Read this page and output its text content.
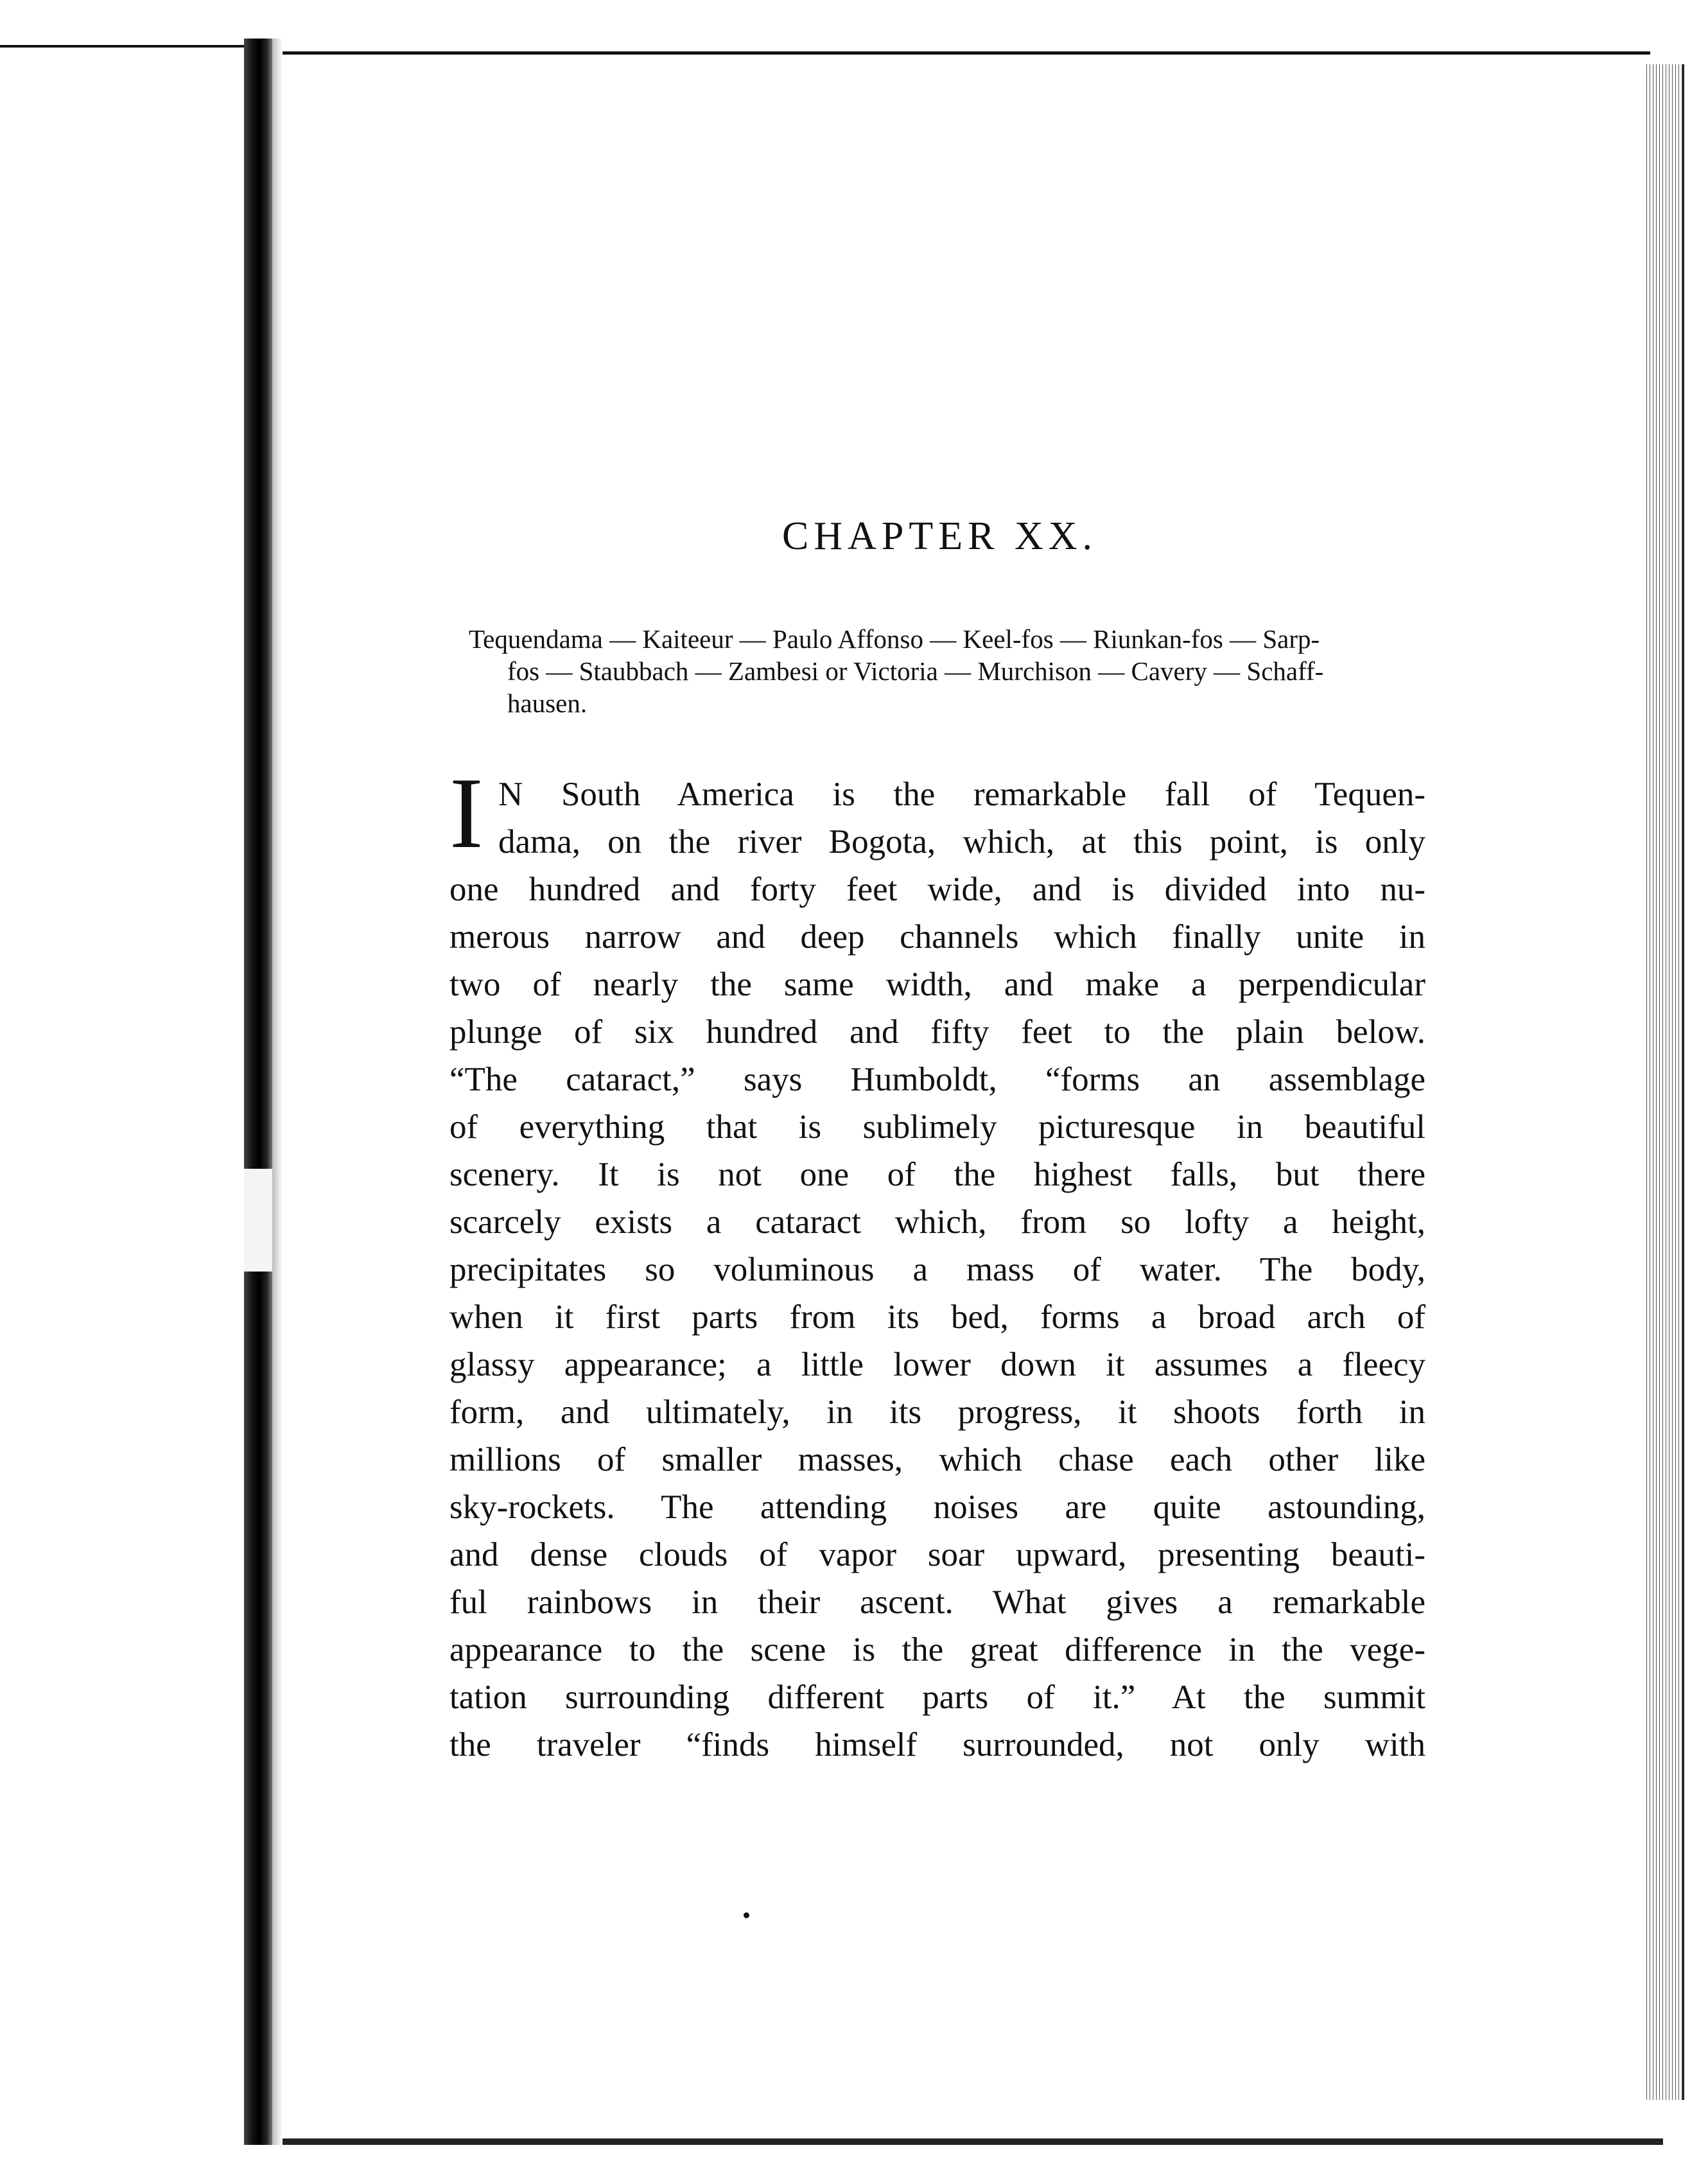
CHAPTER XX.
Tequendama — Kaiteeur — Paulo Affonso — Keel-fos — Riunkan-fos — Sarp-
fos — Staubbach — Zambesi or Victoria — Murchison — Cavery — Schaff-
hausen.
I N South America is the remarkable fall of Tequen-
dama, on the river Bogota, which, at this point, is only
one hundred and forty feet wide, and is divided into nu-
merous narrow and deep channels which finally unite in
two of nearly the same width, and make a perpendicular
plunge of six hundred and fifty feet to the plain below.
“The cataract,” says Humboldt, “forms an assemblage
of everything that is sublimely picturesque in beautiful
scenery. It is not one of the highest falls, but there
scarcely exists a cataract which, from so lofty a height,
precipitates so voluminous a mass of water. The body,
when it first parts from its bed, forms a broad arch of
glassy appearance; a little lower down it assumes a fleecy
form, and ultimately, in its progress, it shoots forth in
millions of smaller masses, which chase each other like
sky-rockets. The attending noises are quite astounding,
and dense clouds of vapor soar upward, presenting beauti-
ful rainbows in their ascent. What gives a remarkable
appearance to the scene is the great difference in the vege-
tation surrounding different parts of it.” At the summit
the traveler “finds himself surrounded, not only with
